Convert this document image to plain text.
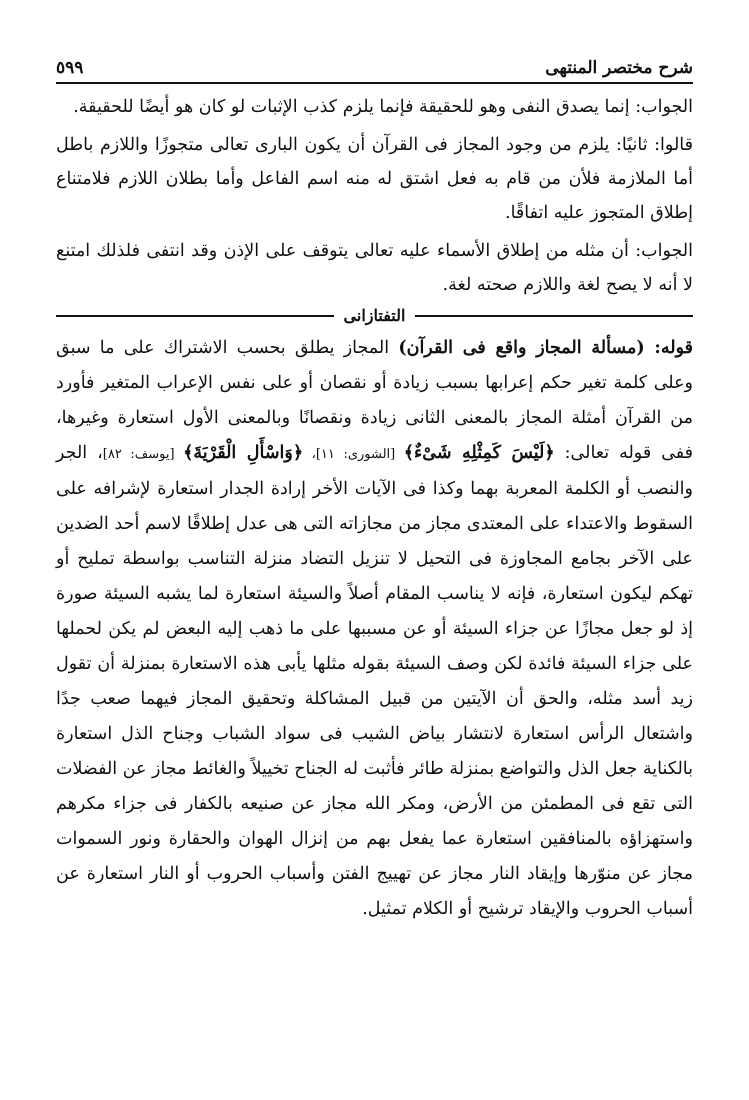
شرح مختصر المنتهى
٥٩٩

الجواب: إنما يصدق النفى وهو للحقيقة فإنما يلزم كذب الإثبات لو كان هو أيضًا للحقيقة.

قالوا: ثانيًا: يلزم من وجود المجاز فى القرآن أن يكون البارى تعالى متجوزًا واللازم باطل أما الملازمة فلأن من قام به فعل اشتق له منه اسم الفاعل وأما بطلان اللازم فلامتناع إطلاق المتجوز عليه اتفاقًا.

الجواب: أن مثله من إطلاق الأسماء عليه تعالى يتوقف على الإذن وقد انتفى فلذلك امتنع لا أنه لا يصح لغة واللازم صحته لغة.

التفتازانى

قوله: (مسألة المجاز واقع فى القرآن) المجاز يطلق بحسب الاشتراك على ما سبق وعلى كلمة تغير حكم إعرابها بسبب زيادة أو نقصان أو على نفس الإعراب المتغير فأورد من القرآن أمثلة المجاز بالمعنى الثانى زيادة ونقصانًا وبالمعنى الأول استعارة وغيرها، ففى قوله تعالى: ﴿لَيْسَ كَمِثْلِهِ شَىْءٌ﴾ [الشورى: ١١]، ﴿وَاسْأَلِ الْقَرْيَةَ﴾ [يوسف: ٨٢]، الجر والنصب أو الكلمة المعربة بهما وكذا فى الآيات الأخر إرادة الجدار استعارة لإشرافه على السقوط والاعتداء على المعتدى مجاز من مجازاته التى هى عدل إطلاقًا لاسم أحد الضدين على الآخر بجامع المجاوزة فى التحيل لا تنزيل التضاد منزلة التناسب بواسطة تمليح أو تهكم ليكون استعارة، فإنه لا يناسب المقام أصلاً والسيئة استعارة لما يشبه السيئة صورة إذ لو جعل مجازًا عن جزاء السيئة أو عن مسببها على ما ذهب إليه البعض لم يكن لحملها على جزاء السيئة فائدة لكن وصف السيئة بقوله مثلها يأبى هذه الاستعارة بمنزلة أن تقول زيد أسد مثله، والحق أن الآيتين من قبيل المشاكلة وتحقيق المجاز فيهما صعب جدًا واشتعال الرأس استعارة لانتشار بياض الشيب فى سواد الشباب وجناح الذل استعارة بالكناية جعل الذل والتواضع بمنزلة طائر فأثبت له الجناح تخييلاً والغائط مجاز عن الفضلات التى تقع فى المطمئن من الأرض، ومكر الله مجاز عن صنيعه بالكفار فى جزاء مكرهم واستهزاؤه بالمنافقين استعارة عما يفعل بهم من إنزال الهوان والحقارة ونور السموات مجاز عن منوّرها وإيقاد النار مجاز عن تهييج الفتن وأسباب الحروب أو النار استعارة عن أسباب الحروب والإيقاد ترشيح أو الكلام تمثيل.
